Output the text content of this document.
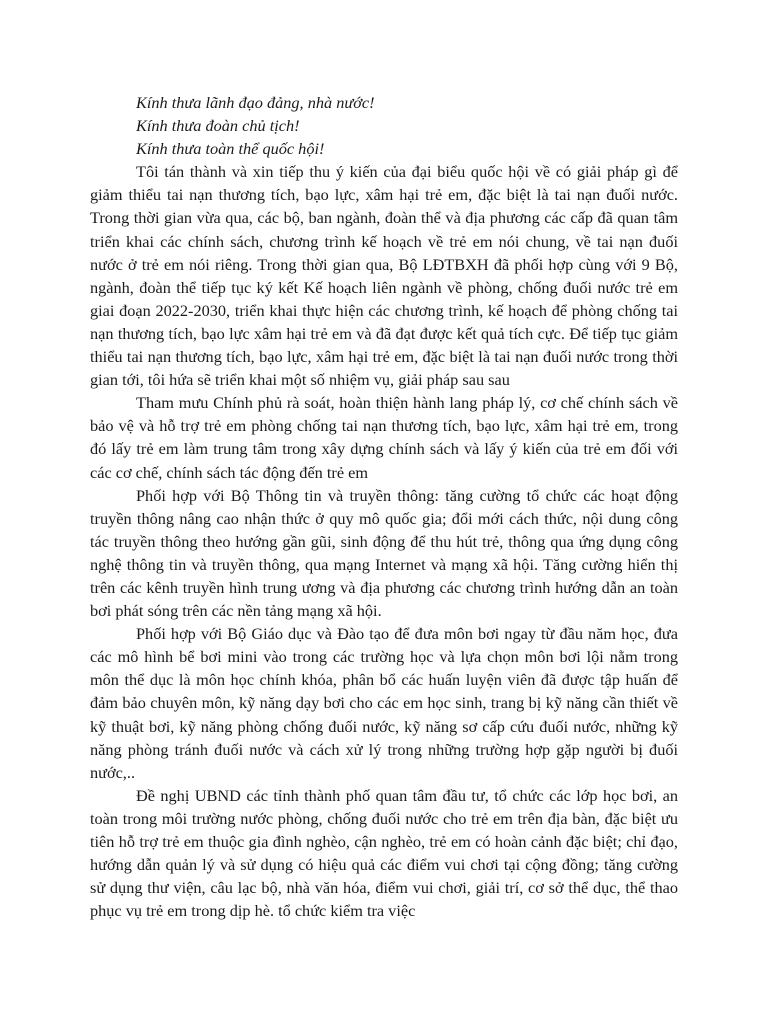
Kính thưa lãnh đạo đảng, nhà nước!

Kính thưa đoàn chủ tịch!

Kính thưa toàn thể quốc hội!

Tôi tán thành và xin tiếp thu ý kiến của đại biểu quốc hội về có giải pháp gì để giảm thiểu tai nạn thương tích, bạo lực, xâm hại trẻ em, đặc biệt là tai nạn đuối nước. Trong thời gian vừa qua, các bộ, ban ngành, đoàn thể và địa phương các cấp đã quan tâm triển khai các chính sách, chương trình kế hoạch về trẻ em nói chung, về tai nạn đuối nước ở trẻ em nói riêng. Trong thời gian qua, Bộ LĐTBXH đã phối hợp cùng với 9 Bộ, ngành, đoàn thể tiếp tục ký kết Kế hoạch liên ngành về phòng, chống đuối nước trẻ em giai đoạn 2022-2030, triển khai thực hiện các chương trình, kế hoạch để phòng chống tai nạn thương tích, bạo lực xâm hại trẻ em và đã đạt được kết quả tích cực. Để tiếp tục giảm thiểu tai nạn thương tích, bạo lực, xâm hại trẻ em, đặc biệt là tai nạn đuối nước trong thời gian tới, tôi hứa sẽ triển khai một số nhiệm vụ, giải pháp sau sau

Tham mưu Chính phủ rà soát, hoàn thiện hành lang pháp lý, cơ chế chính sách về bảo vệ và hỗ trợ trẻ em phòng chống tai nạn thương tích, bạo lực, xâm hại trẻ em, trong đó lấy trẻ em làm trung tâm trong xây dựng chính sách và lấy ý kiến của trẻ em đối với các cơ chế, chính sách tác động đến trẻ em

Phối hợp với Bộ Thông tin và truyền thông: tăng cường tổ chức các hoạt động truyền thông nâng cao nhận thức ở quy mô quốc gia; đổi mới cách thức, nội dung công tác truyền thông theo hướng gần gũi, sinh động để thu hút trẻ, thông qua ứng dụng công nghệ thông tin và truyền thông, qua mạng Internet và mạng xã hội. Tăng cường hiển thị trên các kênh truyền hình trung ương và địa phương các chương trình hướng dẫn an toàn bơi phát sóng trên các nền tảng mạng xã hội.

Phối hợp với Bộ Giáo dục và Đào tạo để đưa môn bơi ngay từ đầu năm học, đưa các mô hình bể bơi mini vào trong các trường học và lựa chọn môn bơi lội nằm trong môn thể dục là môn học chính khóa, phân bổ các huấn luyện viên đã được tập huấn để đảm bảo chuyên môn, kỹ năng dạy bơi cho các em học sinh, trang bị kỹ năng cần thiết về kỹ thuật bơi, kỹ năng phòng chống đuối nước, kỹ năng sơ cấp cứu đuối nước, những kỹ năng phòng tránh đuối nước và cách xử lý trong những trường hợp gặp người bị đuối nước,..

Đề nghị UBND các tỉnh thành phố quan tâm đầu tư, tổ chức các lớp học bơi, an toàn trong môi trường nước phòng, chống đuối nước cho trẻ em trên địa bàn, đặc biệt ưu tiên hỗ trợ trẻ em thuộc gia đình nghèo, cận nghèo, trẻ em có hoàn cảnh đặc biệt; chỉ đạo, hướng dẫn quản lý và sử dụng có hiệu quả các điểm vui chơi tại cộng đồng; tăng cường sử dụng thư viện, câu lạc bộ, nhà văn hóa, điểm vui chơi, giải trí, cơ sở thể dục, thể thao phục vụ trẻ em trong dịp hè. tổ chức kiểm tra việc
